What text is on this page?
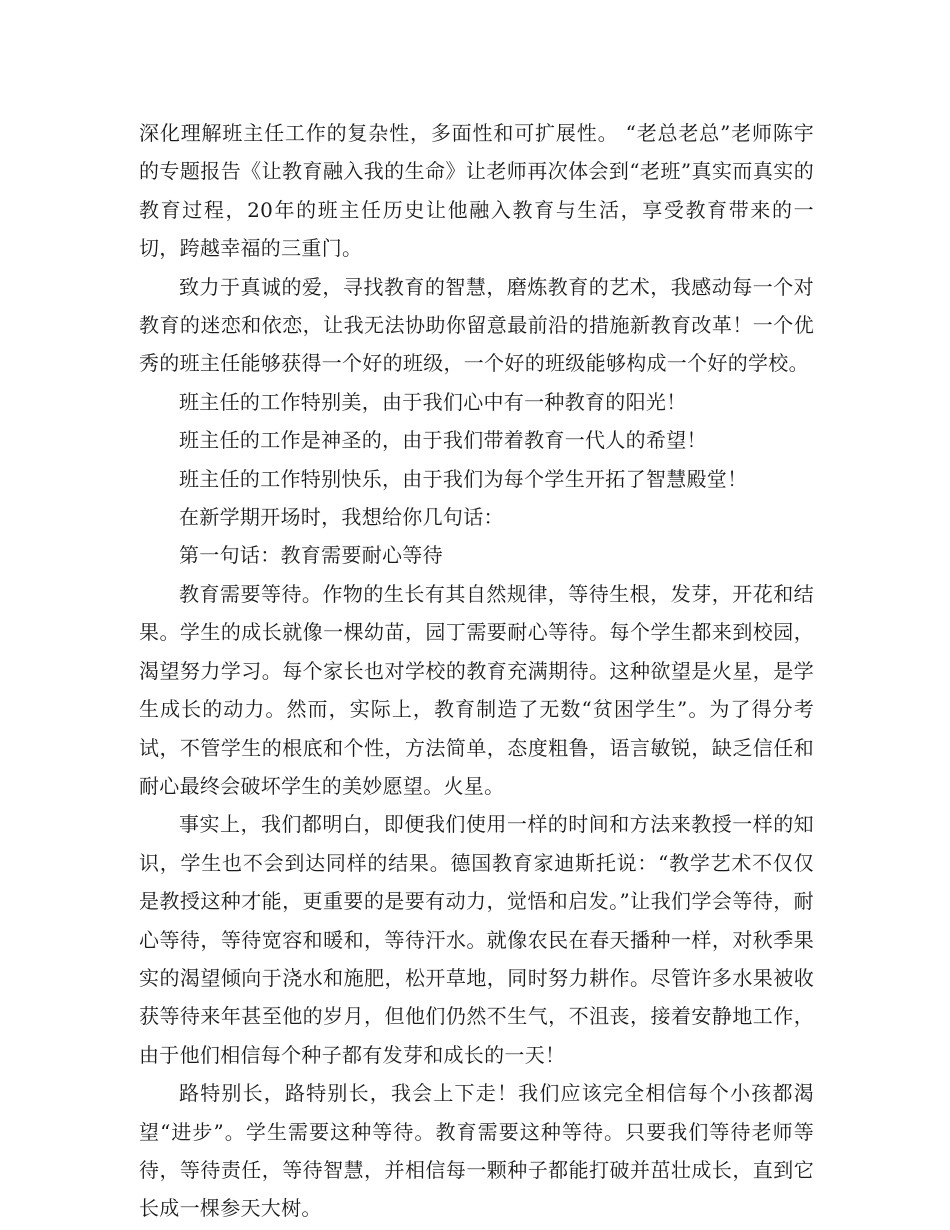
深化理解班主任工作的复杂性，多面性和可扩展性。 “老总老总”老师陈宇的专题报告《让教育融入我的生命》让老师再次体会到“老班”真实而真实的教育过程，20年的班主任历史让他融入教育与生活，享受教育带来的一切，跨越幸福的三重门。

致力于真诚的爱，寻找教育的智慧，磨炼教育的艺术，我感动每一个对教育的迷恋和依恋，让我无法协助你留意最前沿的措施新教育改革！一个优秀的班主任能够获得一个好的班级，一个好的班级能够构成一个好的学校。

班主任的工作特别美，由于我们心中有一种教育的阳光！

班主任的工作是神圣的，由于我们带着教育一代人的希望！

班主任的工作特别快乐，由于我们为每个学生开拓了智慧殿堂！

在新学期开场时，我想给你几句话：

第一句话：教育需要耐心等待

教育需要等待。作物的生长有其自然规律，等待生根，发芽，开花和结果。学生的成长就像一棵幼苗，园丁需要耐心等待。每个学生都来到校园，渴望努力学习。每个家长也对学校的教育充满期待。这种欲望是火星，是学生成长的动力。然而，实际上，教育制造了无数“贫困学生”。为了得分考试，不管学生的根底和个性，方法简单，态度粗鲁，语言敏锐，缺乏信任和耐心最终会破坏学生的美妙愿望。火星。

事实上，我们都明白，即便我们使用一样的时间和方法来教授一样的知识，学生也不会到达同样的结果。德国教育家迪斯托说：“教学艺术不仅仅是教授这种才能，更重要的是要有动力，觉悟和启发。”让我们学会等待，耐心等待，等待宽容和暖和，等待汗水。就像农民在春天播种一样，对秋季果实的渴望倾向于浇水和施肥，松开草地，同时努力耕作。尽管许多水果被收获等待来年甚至他的岁月，但他们仍然不生气，不沮丧，接着安静地工作，由于他们相信每个种子都有发芽和成长的一天！

路特别长，路特别长，我会上下走！我们应该完全相信每个小孩都渴望“进步”。学生需要这种等待。教育需要这种等待。只要我们等待老师等待，等待责任，等待智慧，并相信每一颗种子都能打破并茁壮成长，直到它长成一棵参天大树。
